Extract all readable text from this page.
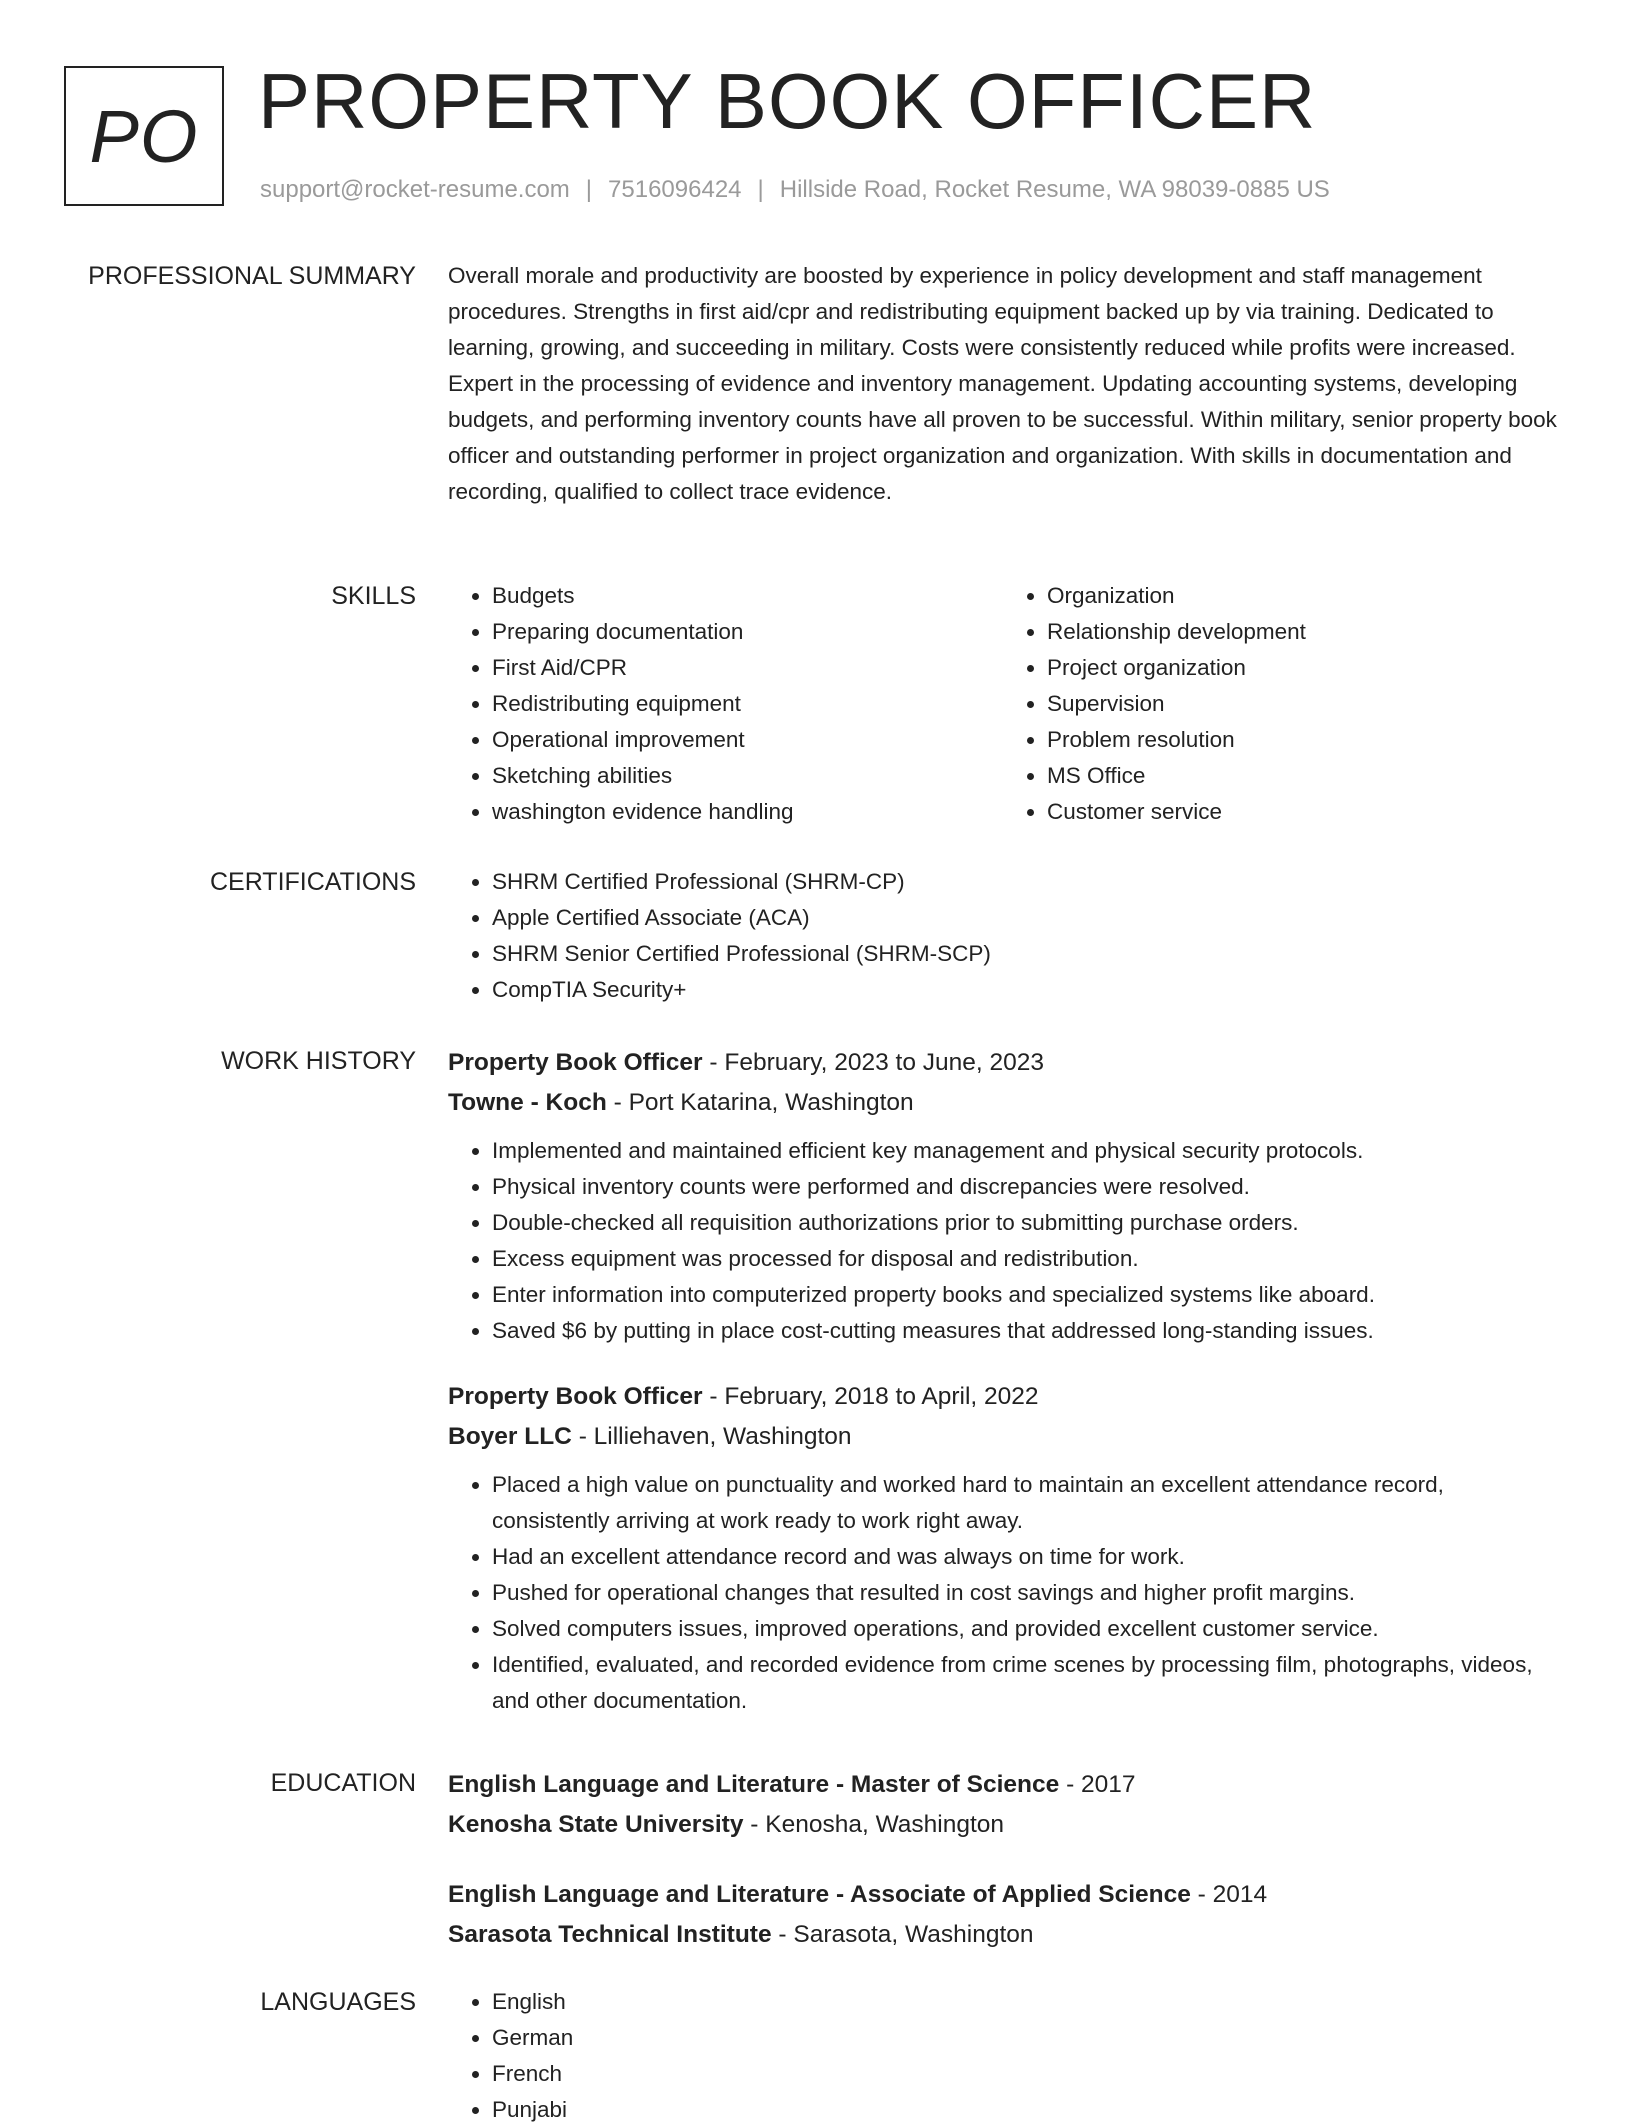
PO PROPERTY BOOK OFFICER
support@rocket-resume.com | 7516096424 | Hillside Road, Rocket Resume, WA 98039-0885 US
PROFESSIONAL SUMMARY Overall morale and productivity are boosted by experience in policy development and staff management procedures. Strengths in first aid/cpr and redistributing equipment backed up by via training. Dedicated to learning, growing, and succeeding in military. Costs were consistently reduced while profits were increased. Expert in the processing of evidence and inventory management. Updating accounting systems, developing budgets, and performing inventory counts have all proven to be successful. Within military, senior property book officer and outstanding performer in project organization and organization. With skills in documentation and recording, qualified to collect trace evidence.

SKILLS	• Budgets
• Preparing documentation
• First Aid/CPR
• Redistributing equipment
• Operational improvement
• Sketching abilities
• washington evidence handling
• Organization
• Relationship development
• Project organization
• Supervision
• Problem resolution
• MS Office
• Customer service
CERTIFICATIONS	• SHRM Certified Professional (SHRM-CP)
• Apple Certified Associate (ACA)
• SHRM Senior Certified Professional (SHRM-SCP)
• CompTIA Security+
WORK HISTORY Property Book Officer - February, 2023 to June, 2023

Towne - Koch - Port Katarina, Washington

• Implemented and maintained efficient key management and physical security protocols.
• Physical inventory counts were performed and discrepancies were resolved.
• Double-checked all requisition authorizations prior to submitting purchase orders.
• Excess equipment was processed for disposal and redistribution.
• Enter information into computerized property books and specialized systems like aboard.
• Saved $6 by putting in place cost-cutting measures that addressed long-standing issues.

Property Book Officer - February, 2018 to April, 2022

Boyer LLC - Lilliehaven, Washington

• Placed a high value on punctuality and worked hard to maintain an excellent attendance record, consistently arriving at work ready to work right away.
• Had an excellent attendance record and was always on time for work.
• Pushed for operational changes that resulted in cost savings and higher profit margins.
• Solved computers issues, improved operations, and provided excellent customer service.
• Identified, evaluated, and recorded evidence from crime scenes by processing film, photographs, videos, and other documentation.
EDUCATION English Language and Literature - Master of Science - 2017

Kenosha State University - Kenosha, Washington

English Language and Literature - Associate of Applied Science - 2014

Sarasota Technical Institute - Sarasota, Washington

LANGUAGES	• English
• German
• French
• Punjabi
